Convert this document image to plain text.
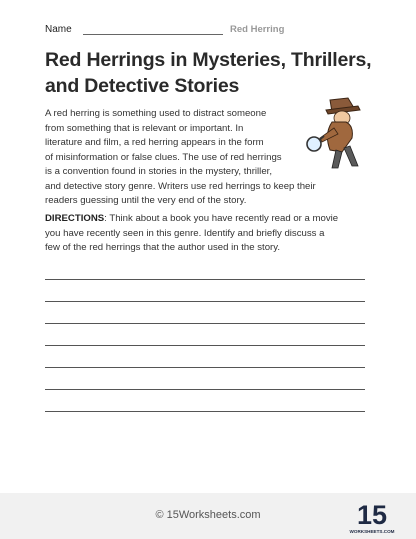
Name	Red Herring
Red Herrings in Mysteries, Thrillers,
and Detective Stories
A red herring is something used to distract someone
from something that is relevant or important. In
literature and film, a red herring appears in the form
of misinformation or false clues. The use of red herrings
is a convention found in stories in the mystery, thriller,
and detective story genre. Writers use red herrings to keep their
readers guessing until the very end of the story.
DIRECTIONS: Think about a book you have recently read or a movie
you have recently seen in this genre. Identify and briefly discuss a
few of the red herrings that the author used in the story.
© 15Worksheets.com	15
WORKSHEETS.COM
